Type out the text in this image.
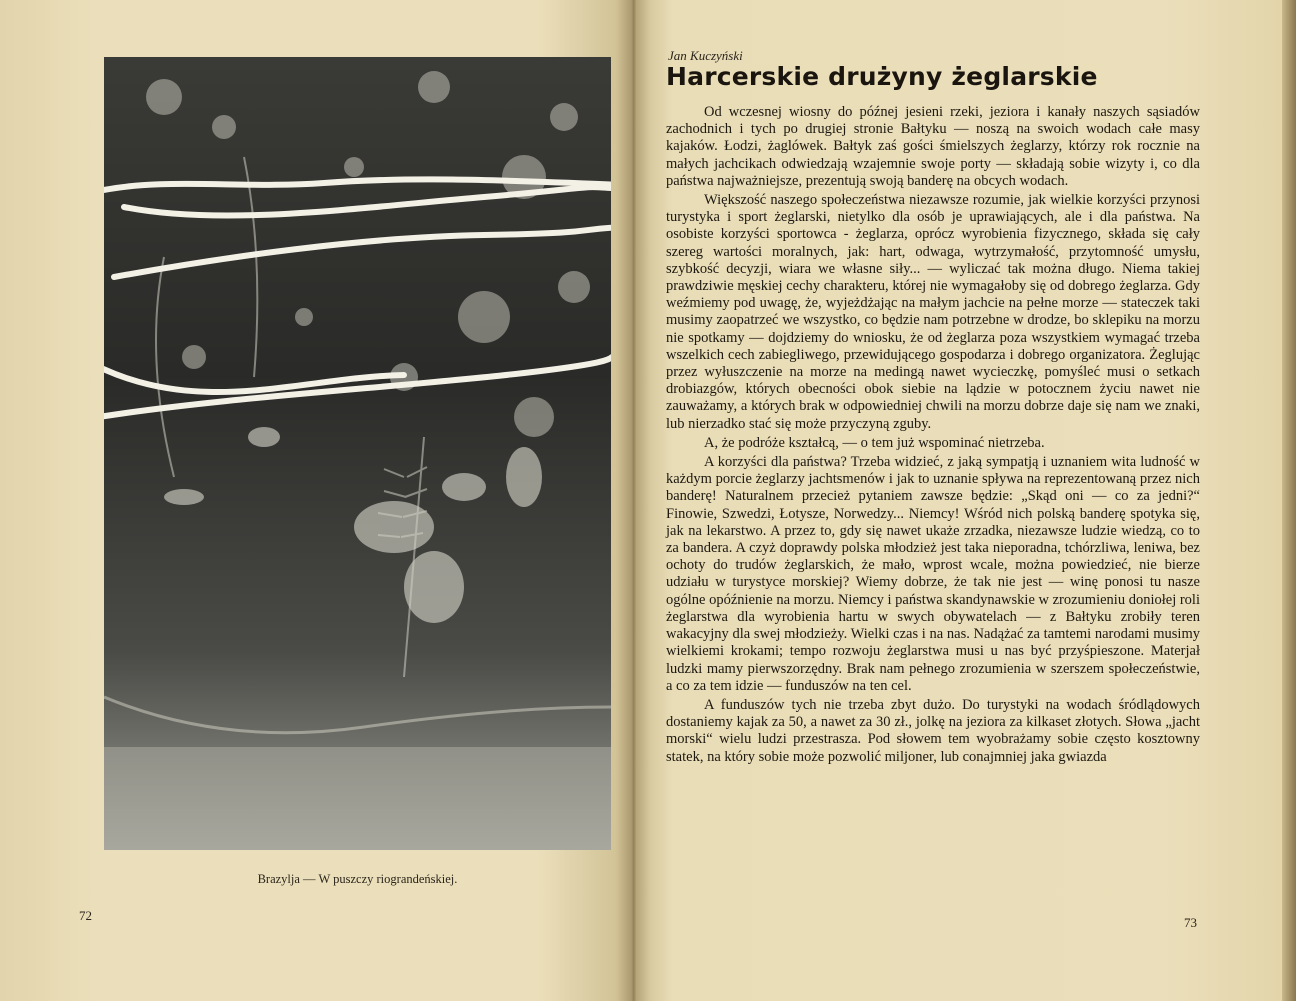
Brazylja — W puszczy riograndeńskiej.
72
Jan Kuczyński
Harcerskie drużyny żeglarskie

Od wczesnej wiosny do późnej jesieni rzeki, jeziora i kanały naszych sąsiadów zachodnich i tych po drugiej stronie Bałtyku — noszą na swoich wodach całe masy kajaków. Łodzi, żaglówek. Bałtyk zaś gości śmielszych żeglarzy, którzy rok rocznie na małych jachcikach odwiedzają wzajemnie swoje porty — składają sobie wizyty i, co dla państwa najważniejsze, prezentują swoją banderę na obcych wodach.

Większość naszego społeczeństwa niezawsze rozumie, jak wielkie korzyści przynosi turystyka i sport żeglarski, nietylko dla osób je uprawiających, ale i dla państwa. Na osobiste korzyści sportowca - żeglarza, oprócz wyrobienia fizycznego, składa się cały szereg wartości moralnych, jak: hart, odwaga, wytrzymałość, przytomność umysłu, szybkość decyzji, wiara we własne siły... — wyliczać tak można długo. Niema takiej prawdziwie męskiej cechy charakteru, której nie wymagałoby się od dobrego żeglarza. Gdy weźmiemy pod uwagę, że, wyjeżdżając na małym jachcie na pełne morze — stateczek taki musimy zaopatrzeć we wszystko, co będzie nam potrzebne w drodze, bo sklepiku na morzu nie spotkamy — dojdziemy do wniosku, że od żeglarza poza wszystkiem wymagać trzeba wszelkich cech zabiegliwego, przewidującego gospodarza i dobrego organizatora. Żeglując przez wyłuszczenie na morze na medingą nawet wycieczkę, pomyśleć musi o setkach drobiazgów, których obecności obok siebie na lądzie w potocznem życiu nawet nie zauważamy, a których brak w odpowiedniej chwili na morzu dobrze daje się nam we znaki, lub nierzadko stać się może przyczyną zguby.

A, że podróże kształcą, — o tem już wspominać nietrzeba.

A korzyści dla państwa? Trzeba widzieć, z jaką sympatją i uznaniem wita ludność w każdym porcie żeglarzy jachtsmenów i jak to uznanie spływa na reprezentowaną przez nich banderę! Naturalnem przecież pytaniem zawsze będzie: „Skąd oni — co za jedni?“ Finowie, Szwedzi, Łotysze, Norwedzy... Niemcy! Wśród nich polską banderę spotyka się, jak na lekarstwo. A przez to, gdy się nawet ukaże zrzadka, niezawsze ludzie wiedzą, co to za bandera. A czyż doprawdy polska młodzież jest taka nieporadna, tchórzliwa, leniwa, bez ochoty do trudów żeglarskich, że mało, wprost wcale, można powiedzieć, nie bierze udziału w turystyce morskiej? Wiemy dobrze, że tak nie jest — winę ponosi tu nasze ogólne opóźnienie na morzu. Niemcy i państwa skandynawskie w zrozumieniu doniołej roli żeglarstwa dla wyrobienia hartu w swych obywatelach — z Bałtyku zrobiły teren wakacyjny dla swej młodzieży. Wielki czas i na nas. Nadążać za tamtemi narodami musimy wielkiemi krokami; tempo rozwoju żeglarstwa musi u nas być przyśpieszone. Materjał ludzki mamy pierwszorzędny. Brak nam pełnego zrozumienia w szerszem społeczeństwie, a co za tem idzie — funduszów na ten cel.

A funduszów tych nie trzeba zbyt dużo. Do turystyki na wodach śródlądowych dostaniemy kajak za 50, a nawet za 30 zł., jolkę na jeziora za kilkaset złotych. Słowa „jacht morski“ wielu ludzi przestrasza. Pod słowem tem wyobrażamy sobie często kosztowny statek, na który sobie może pozwolić miljoner, lub conajmniej jaka gwiazda

73
